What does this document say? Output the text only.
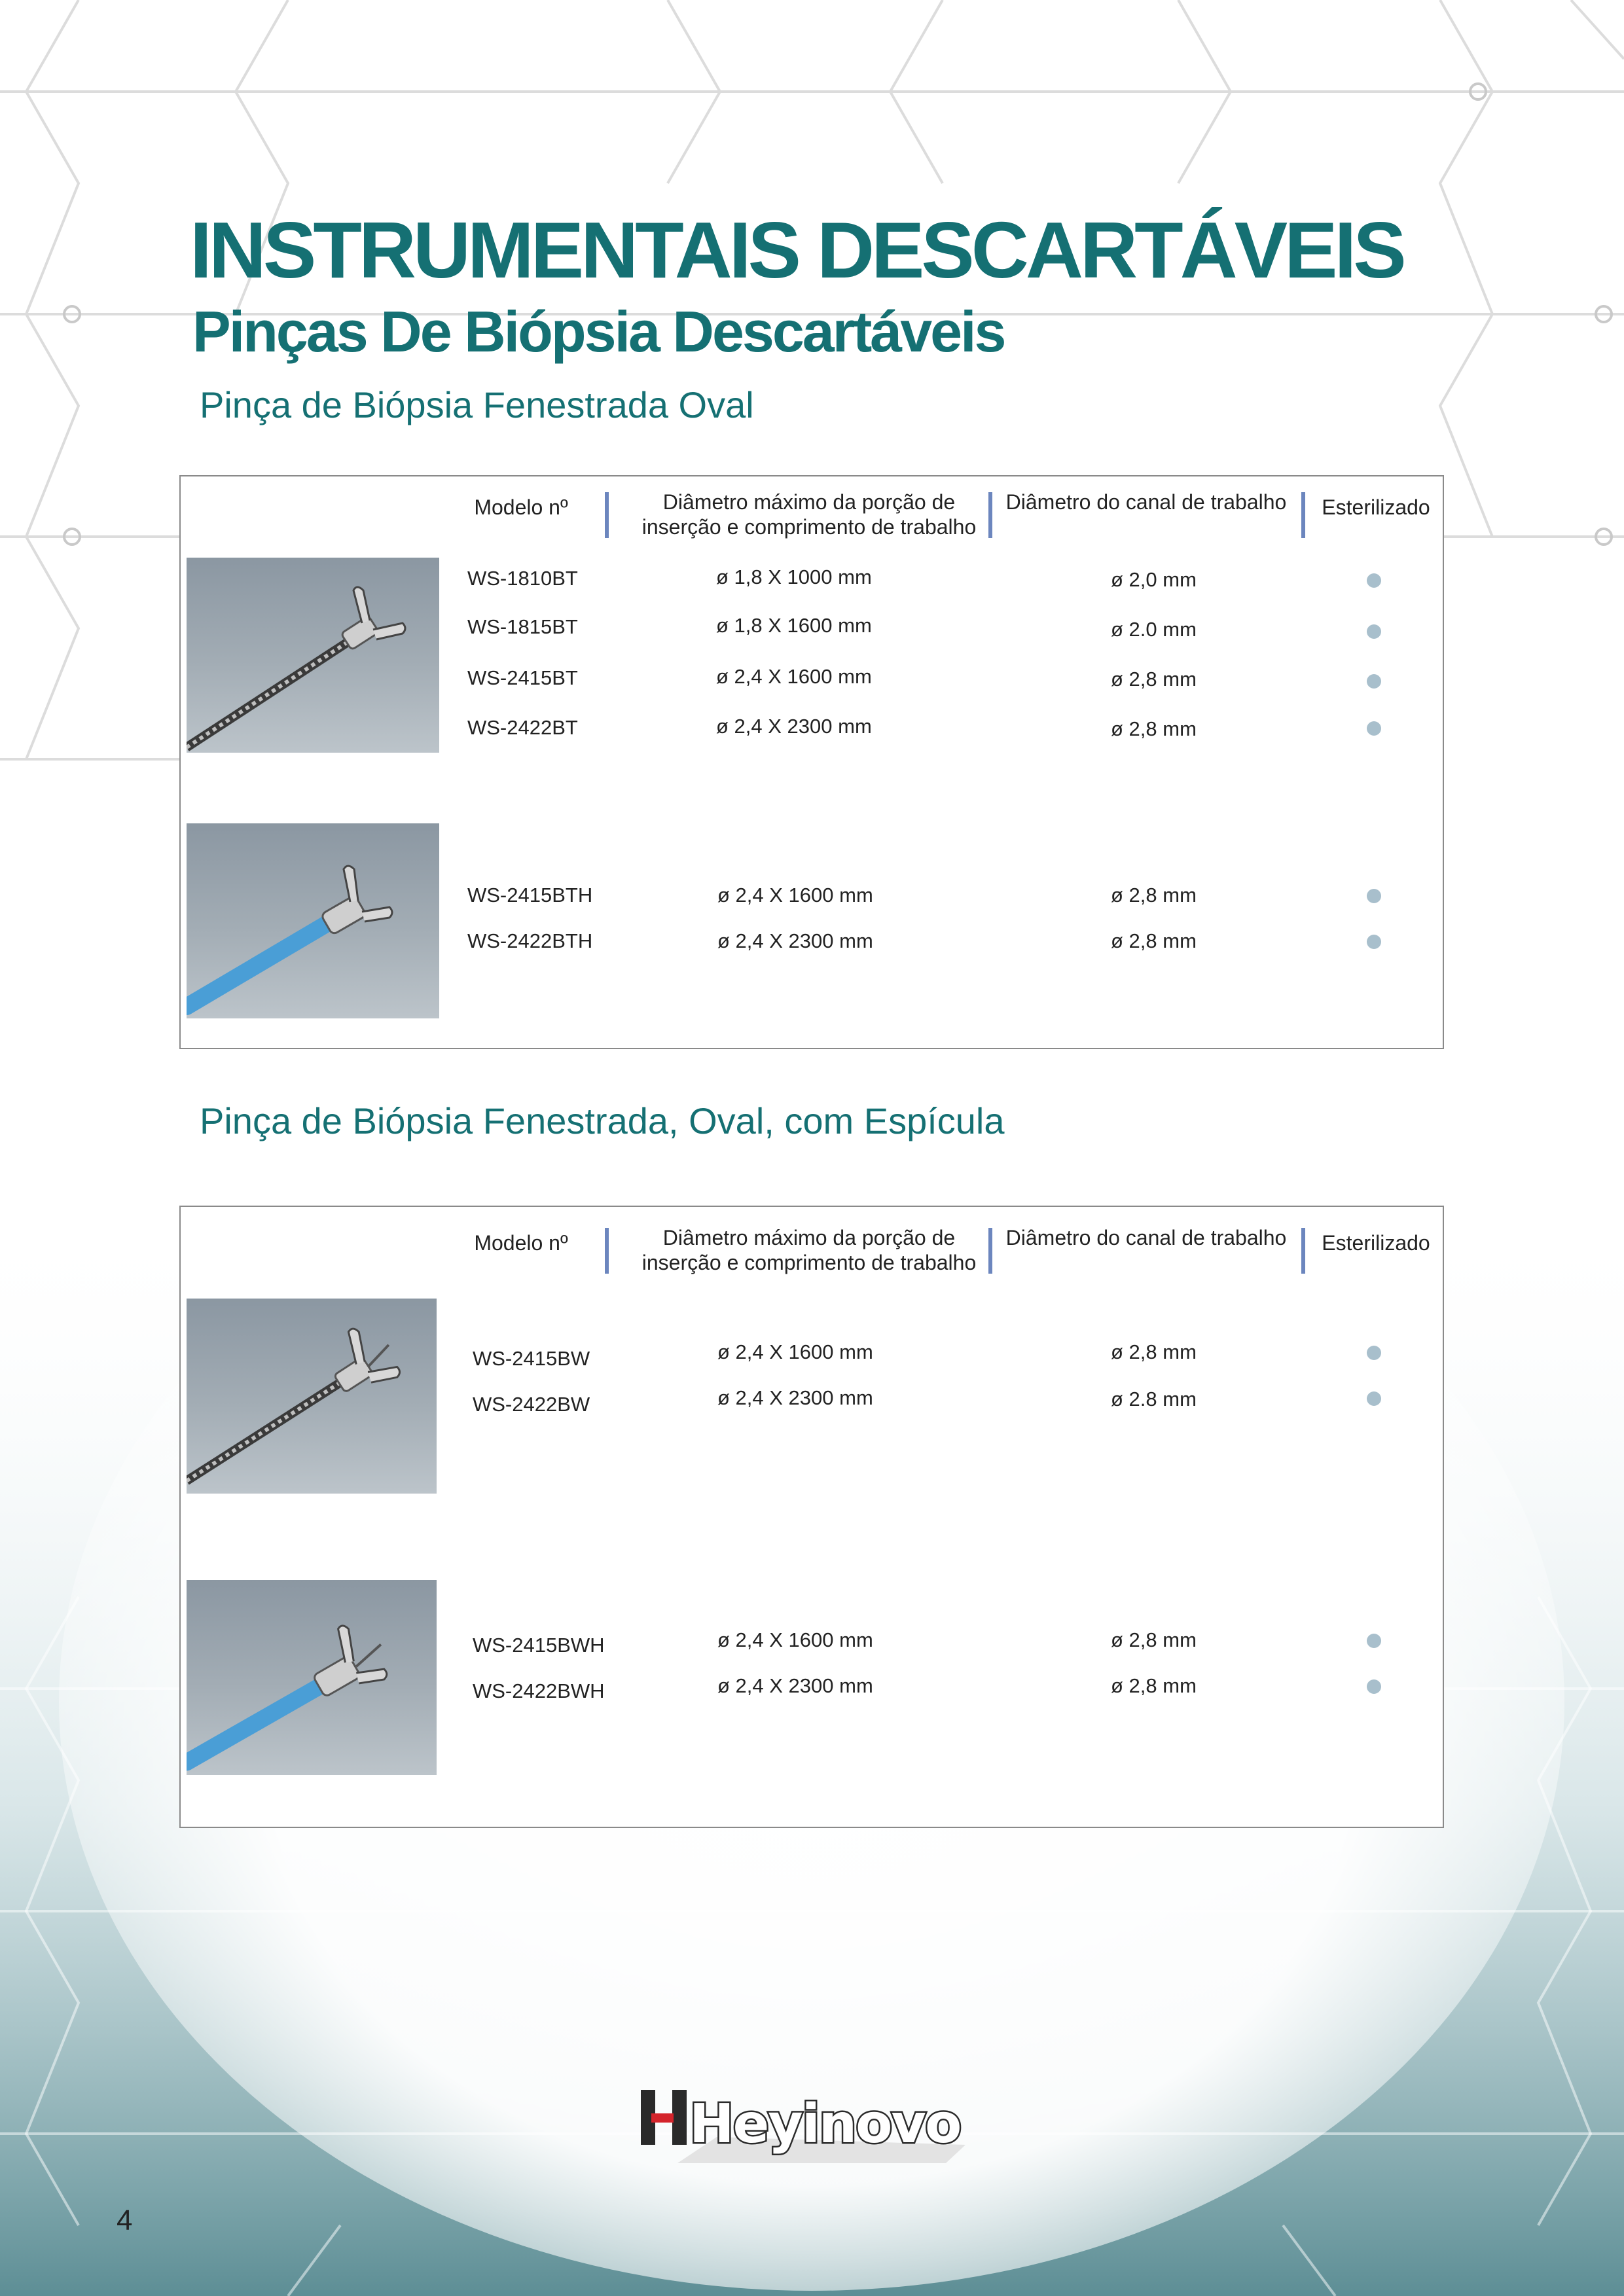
INSTRUMENTAIS DESCARTÁVEIS
Pinças De Biópsia Descartáveis
Pinça de Biópsia Fenestrada Oval
Modelo nº	Diâmetro máximo da porção de
inserção e comprimento de trabalho
Diâmetro do canal de trabalho	Esterilizado
WS-1810BT	ø 1,8 X 1000 mm	ø 2,0 mm
WS-1815BT	ø 1,8 X 1600 mm	ø 2.0 mm
WS-2415BT	ø 2,4 X 1600 mm	ø 2,8 mm
WS-2422BT	ø 2,4 X 2300 mm	ø 2,8 mm
WS-2415BTH	ø 2,4 X 1600 mm	ø 2,8 mm
WS-2422BTH	ø 2,4 X 2300 mm	ø 2,8 mm
Pinça de Biópsia Fenestrada, Oval, com Espícula
Modelo nº	Diâmetro máximo da porção de
inserção e comprimento de trabalho
Diâmetro do canal de trabalho	Esterilizado
WS-2415BW	ø 2,4 X 1600 mm	ø 2,8 mm
WS-2422BW	ø 2,4 X 2300 mm	ø 2.8 mm
WS-2415BWH	ø 2,4 X 1600 mm	ø 2,8 mm
WS-2422BWH	ø 2,4 X 2300 mm	ø 2,8 mm
Heyinovo
4
